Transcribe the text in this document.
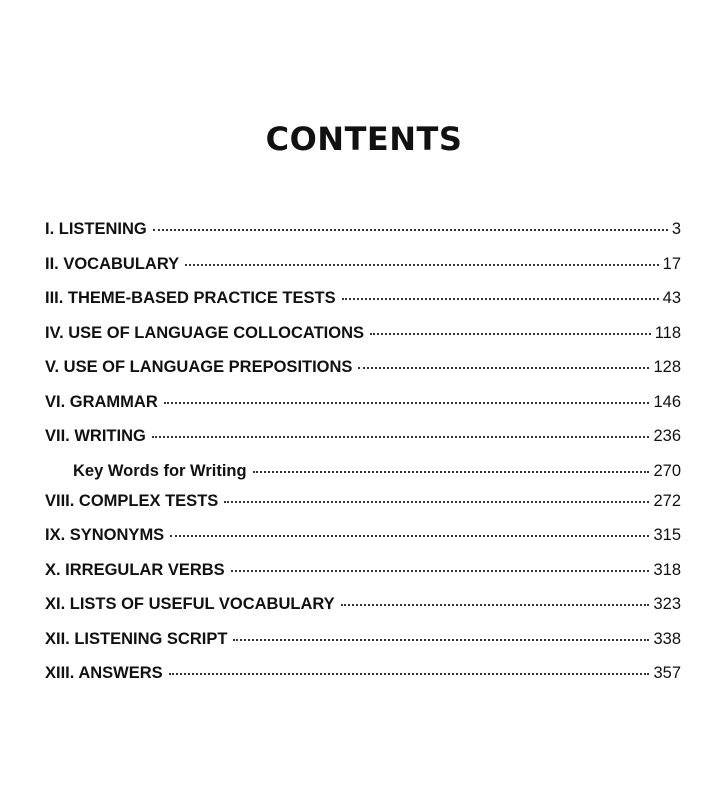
CONTENTS
I. LISTENING	3
II. VOCABULARY	17
III. THEME-BASED PRACTICE TESTS	43
IV. USE OF LANGUAGE COLLOCATIONS	118
V. USE OF LANGUAGE PREPOSITIONS	128
VI. GRAMMAR	146
VII. WRITING	236
Key Words for Writing	270
VIII. COMPLEX TESTS	272
IX. SYNONYMS	315
X. IRREGULAR VERBS	318
XI. LISTS OF USEFUL VOCABULARY	323
XII. LISTENING SCRIPT	338
XIII. ANSWERS	357
